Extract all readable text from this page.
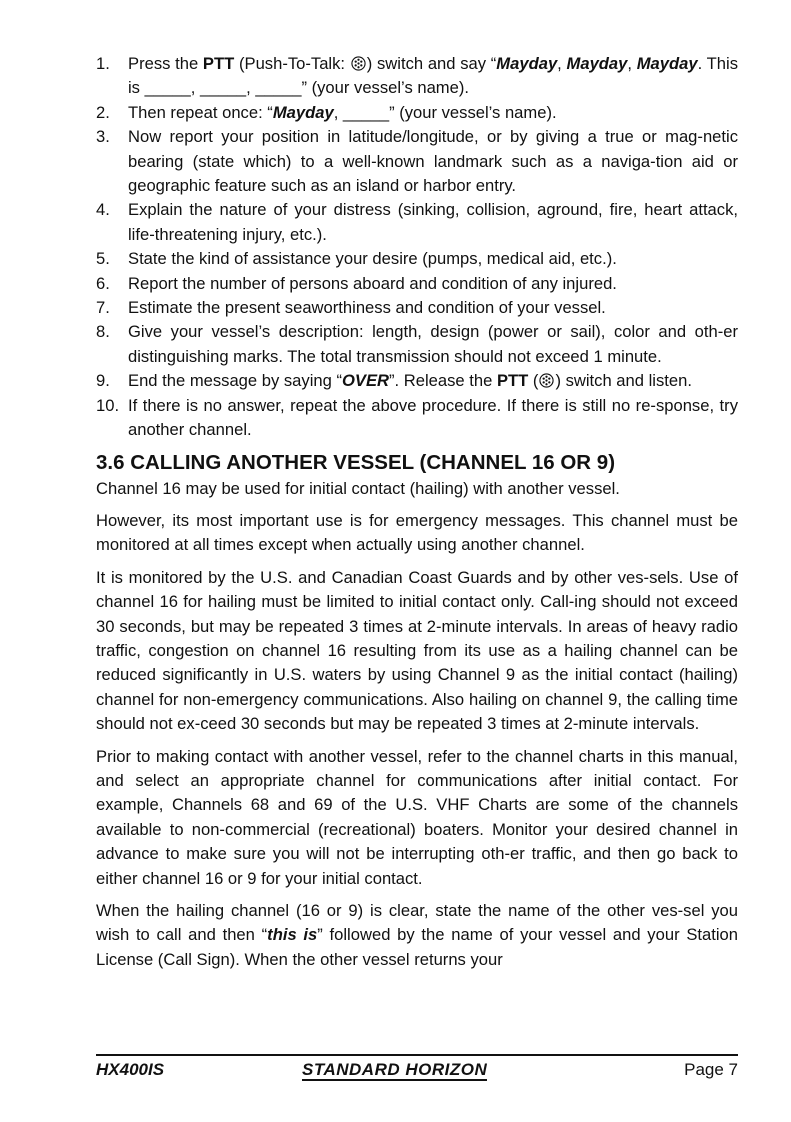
1. Press the PTT (Push-To-Talk: ) switch and say “Mayday, Mayday, Mayday. This is _____, _____, _____” (your vessel’s name).
2. Then repeat once: “Mayday, _____” (your vessel’s name).
3. Now report your position in latitude/longitude, or by giving a true or mag-netic bearing (state which) to a well-known landmark such as a naviga-tion aid or geographic feature such as an island or harbor entry.
4. Explain the nature of your distress (sinking, collision, aground, fire, heart attack, life-threatening injury, etc.).
5. State the kind of assistance your desire (pumps, medical aid, etc.).
6. Report the number of persons aboard and condition of any injured.
7. Estimate the present seaworthiness and condition of your vessel.
8. Give your vessel’s description: length, design (power or sail), color and oth-er distinguishing marks. The total transmission should not exceed 1 minute.
9. End the message by saying “OVER”. Release the PTT ( ) switch and listen.
10. If there is no answer, repeat the above procedure. If there is still no re-sponse, try another channel.
3.6 CALLING ANOTHER VESSEL (CHANNEL 16 OR 9)

Channel 16 may be used for initial contact (hailing) with another vessel.

However, its most important use is for emergency messages. This channel must be monitored at all times except when actually using another channel.

It is monitored by the U.S. and Canadian Coast Guards and by other ves-sels. Use of channel 16 for hailing must be limited to initial contact only. Call-ing should not exceed 30 seconds, but may be repeated 3 times at 2-minute intervals. In areas of heavy radio traffic, congestion on channel 16 resulting from its use as a hailing channel can be reduced significantly in U.S. waters by using Channel 9 as the initial contact (hailing) channel for non-emergency communications. Also hailing on channel 9, the calling time should not ex-ceed 30 seconds but may be repeated 3 times at 2-minute intervals.

Prior to making contact with another vessel, refer to the channel charts in this manual, and select an appropriate channel for communications after initial contact. For example, Channels 68 and 69 of the U.S. VHF Charts are some of the channels available to non-commercial (recreational) boaters. Monitor your desired channel in advance to make sure you will not be interrupting oth-er traffic, and then go back to either channel 16 or 9 for your initial contact.

When the hailing channel (16 or 9) is clear, state the name of the other ves-sel you wish to call and then “this is” followed by the name of your vessel and your Station License (Call Sign). When the other vessel returns your

HX400IS	STANDARD HORIZON	Page 7
